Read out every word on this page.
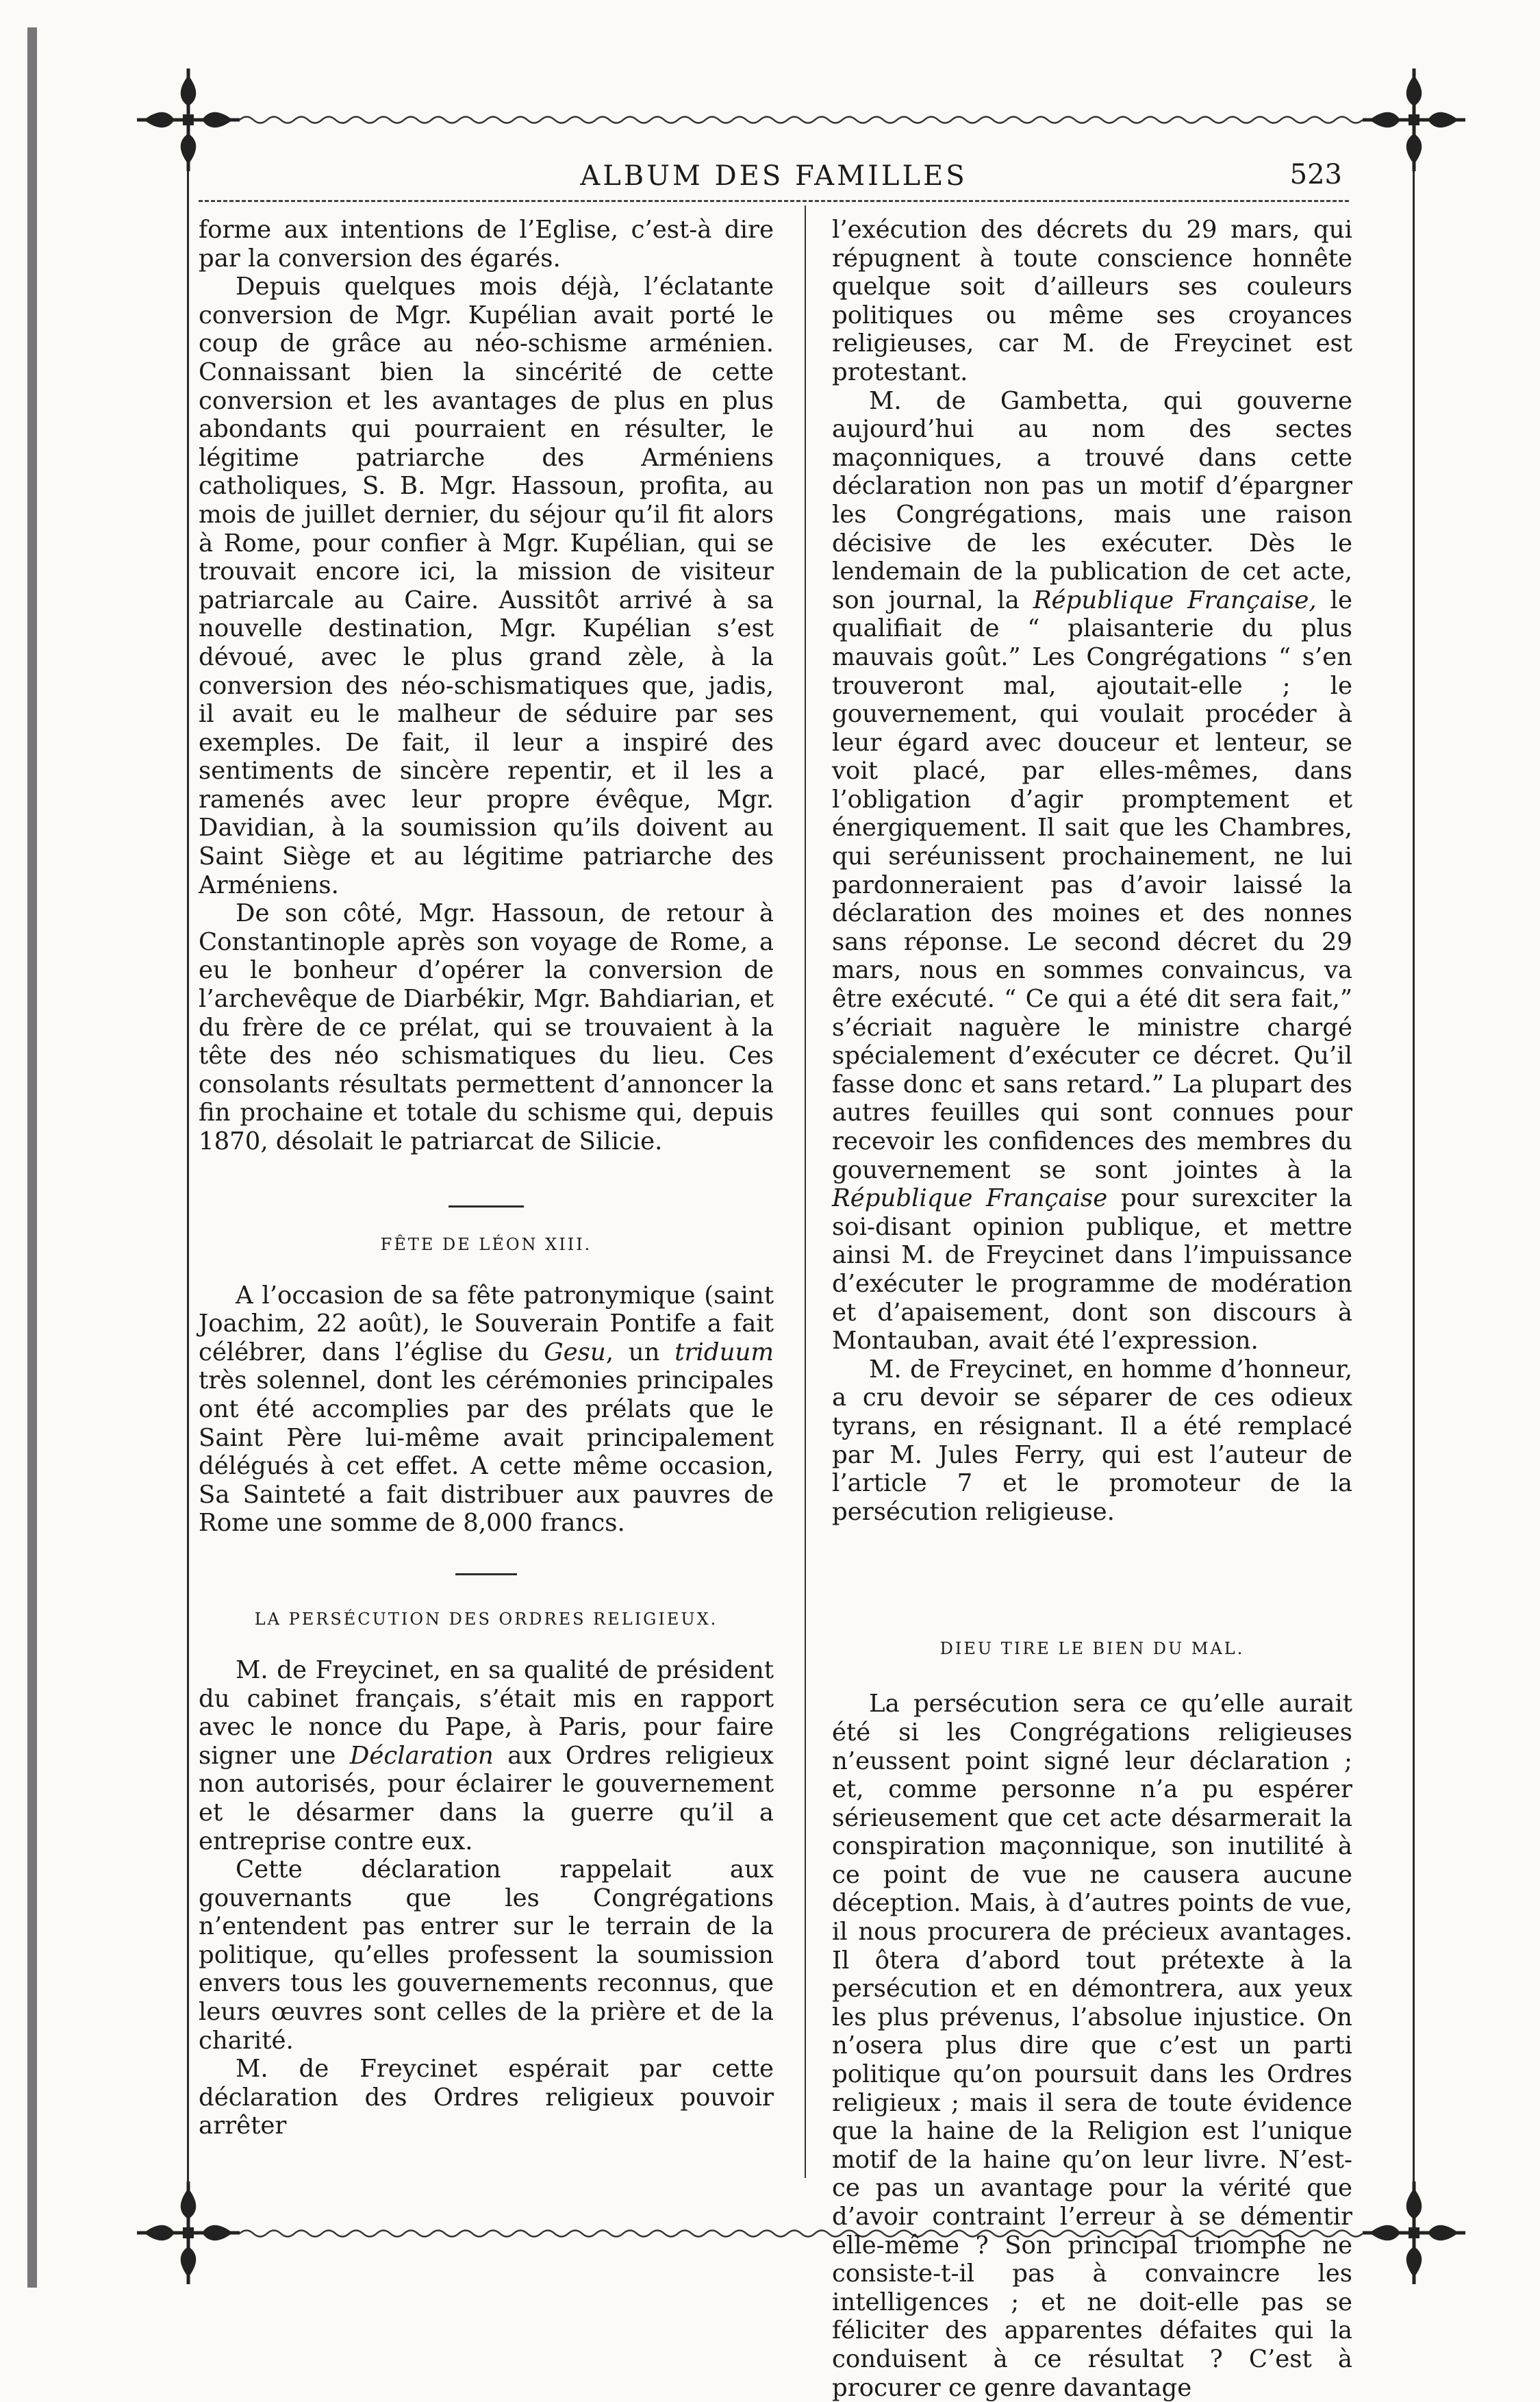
ALBUM DES FAMILLES	523

forme aux intentions de l’Eglise, c’est-à dire par la conversion des égarés.

Depuis quelques mois déjà, l’éclatante conversion de Mgr. Kupélian avait porté le coup de grâce au néo-schisme arménien. Connaissant bien la sincérité de cette conversion et les avantages de plus en plus abondants qui pourraient en résulter, le légitime patriarche des Arméniens catholiques, S. B. Mgr. Hassoun, profita, au mois de juillet dernier, du séjour qu’il fit alors à Rome, pour confier à Mgr. Kupélian, qui se trouvait encore ici, la mission de visiteur patriarcale au Caire. Aussitôt arrivé à sa nouvelle destination, Mgr. Kupélian s’est dévoué, avec le plus grand zèle, à la conversion des néo-schismatiques que, jadis, il avait eu le malheur de séduire par ses exemples. De fait, il leur a inspiré des sentiments de sincère repentir, et il les a ramenés avec leur propre évêque, Mgr. Davidian, à la soumission qu’ils doivent au Saint Siège et au légitime patriarche des Arméniens.

De son côté, Mgr. Hassoun, de retour à Constantinople après son voyage de Rome, a eu le bonheur d’opérer la conversion de l’archevêque de Diarbékir, Mgr. Bahdiarian, et du frère de ce prélat, qui se trouvaient à la tête des néo schismatiques du lieu. Ces consolants résultats permettent d’annoncer la fin prochaine et totale du schisme qui, depuis 1870, désolait le patriarcat de Silicie.

FÊTE DE LÉON XIII.

A l’occasion de sa fête patronymique (saint Joachim, 22 août), le Souverain Pontife a fait célébrer, dans l’église du Gesu, un triduum très solennel, dont les cérémonies principales ont été accomplies par des prélats que le Saint Père lui-même avait principalement délégués à cet effet. A cette même occasion, Sa Sainteté a fait distribuer aux pauvres de Rome une somme de 8,000 francs.

LA PERSÉCUTION DES ORDRES RELIGIEUX.

M. de Freycinet, en sa qualité de président du cabinet français, s’était mis en rapport avec le nonce du Pape, à Paris, pour faire signer une Déclaration aux Ordres religieux non autorisés, pour éclairer le gouvernement et le désarmer dans la guerre qu’il a entreprise contre eux.

Cette déclaration rappelait aux gouvernants que les Congrégations n’entendent pas entrer sur le terrain de la politique, qu’elles professent la soumission envers tous les gouvernements reconnus, que leurs œuvres sont celles de la prière et de la charité.

M. de Freycinet espérait par cette déclaration des Ordres religieux pouvoir arrêter

l’exécution des décrets du 29 mars, qui répugnent à toute conscience honnête quelque soit d’ailleurs ses couleurs politiques ou même ses croyances religieuses, car M. de Freycinet est protestant.

M. de Gambetta, qui gouverne aujourd’hui au nom des sectes maçonniques, a trouvé dans cette déclaration non pas un motif d’épargner les Congrégations, mais une raison décisive de les exécuter. Dès le lendemain de la publication de cet acte, son journal, la République Française, le qualifiait de “ plaisanterie du plus mauvais goût.” Les Congrégations “ s’en trouveront mal, ajoutait-elle ; le gouvernement, qui voulait procéder à leur égard avec douceur et lenteur, se voit placé, par elles-mêmes, dans l’obligation d’agir promptement et énergiquement. Il sait que les Chambres, qui seréunissent prochainement, ne lui pardonneraient pas d’avoir laissé la déclaration des moines et des nonnes sans réponse. Le second décret du 29 mars, nous en sommes convaincus, va être exécuté. “ Ce qui a été dit sera fait,” s’écriait naguère le ministre chargé spécialement d’exécuter ce décret. Qu’il fasse donc et sans retard.” La plupart des autres feuilles qui sont connues pour recevoir les confidences des membres du gouvernement se sont jointes à la République Française pour surexciter la soi-disant opinion publique, et mettre ainsi M. de Freycinet dans l’impuissance d’exécuter le programme de modération et d’apaisement, dont son discours à Montauban, avait été l’expression.

M. de Freycinet, en homme d’honneur, a cru devoir se séparer de ces odieux tyrans, en résignant. Il a été remplacé par M. Jules Ferry, qui est l’auteur de l’article 7 et le promoteur de la persécution religieuse.

DIEU TIRE LE BIEN DU MAL.

La persécution sera ce qu’elle aurait été si les Congrégations religieuses n’eussent point signé leur déclaration ; et, comme personne n’a pu espérer sérieusement que cet acte désarmerait la conspiration maçonnique, son inutilité à ce point de vue ne causera aucune déception. Mais, à d’autres points de vue, il nous procurera de précieux avantages. Il ôtera d’abord tout prétexte à la persécution et en démontrera, aux yeux les plus prévenus, l’absolue injustice. On n’osera plus dire que c’est un parti politique qu’on poursuit dans les Ordres religieux ; mais il sera de toute évidence que la haine de la Religion est l’unique motif de la haine qu’on leur livre. N’est-ce pas un avantage pour la vérité que d’avoir contraint l’erreur à se démentir elle-même ? Son principal triomphe ne consiste-t-il pas à convaincre les intelligences ; et ne doit-elle pas se féliciter des apparentes défaites qui la conduisent à ce résultat ? C’est à procurer ce genre davantage
